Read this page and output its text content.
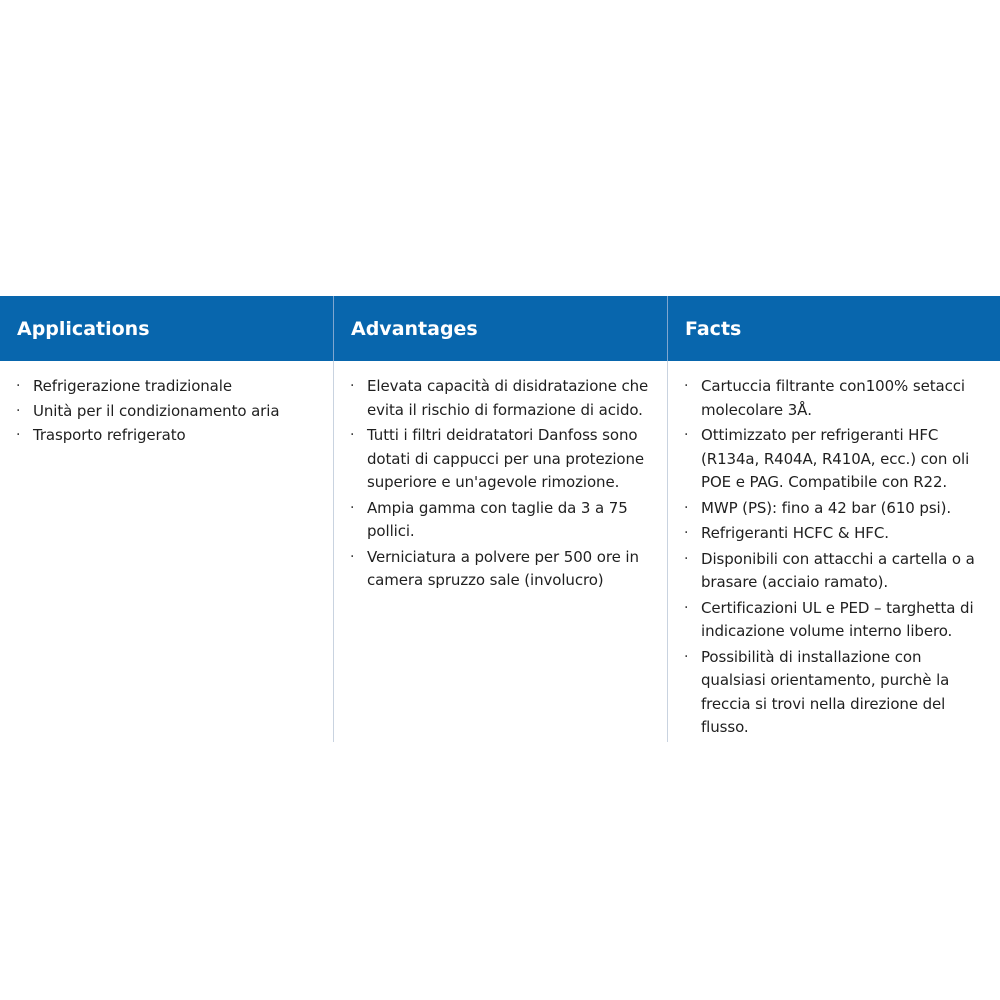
Applications
· Refrigerazione tradizionale
· Unità per il condizionamento aria
· Trasporto refrigerato
Advantages
· Elevata capacità di disidratazione che evita il rischio di formazione di acido.
· Tutti i filtri deidratatori Danfoss sono dotati di cappucci per una protezione superiore e un'agevole rimozione.
· Ampia gamma con taglie da 3 a 75 pollici.
· Verniciatura a polvere per 500 ore in camera spruzzo sale (involucro)
Facts
· Cartuccia filtrante con100% setacci molecolare 3Å.
· Ottimizzato per refrigeranti HFC (R134a, R404A, R410A, ecc.) con oli POE e PAG. Compatibile con R22.
· MWP (PS): fino a 42 bar (610 psi).
· Refrigeranti HCFC & HFC.
· Disponibili con attacchi a cartella o a brasare (acciaio ramato).
· Certificazioni UL e PED – targhetta di indicazione volume interno libero.
· Possibilità di installazione con qualsiasi orientamento, purchè la freccia si trovi nella direzione del flusso.
